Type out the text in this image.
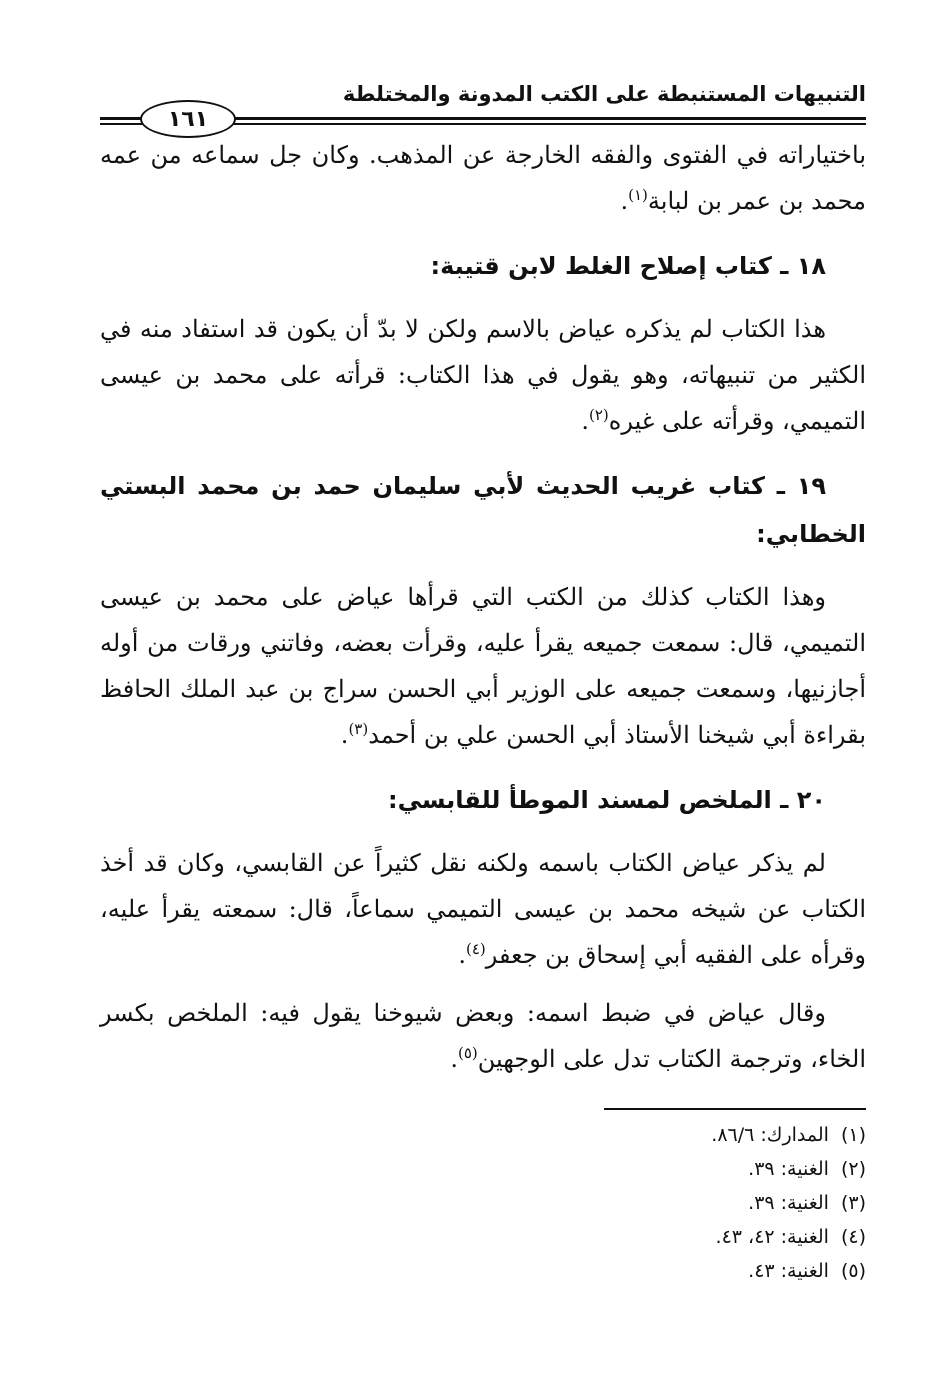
التنبيهات المستنبطة على الكتب المدونة والمختلطة
١٦١

باختياراته في الفتوى والفقه الخارجة عن المذهب. وكان جل سماعه من عمه محمد بن عمر بن لبابة$^{(١)}$.

١٨ ـ كتاب إصلاح الغلط لابن قتيبة:

هذا الكتاب لم يذكره عياض بالاسم ولكن لا بدّ أن يكون قد استفاد منه في الكثير من تنبيهاته، وهو يقول في هذا الكتاب: قرأته على محمد بن عيسى التميمي، وقرأته على غيره$^{(٢)}$.

١٩ ـ كتاب غريب الحديث لأبي سليمان حمد بن محمد البستي الخطابي:

وهذا الكتاب كذلك من الكتب التي قرأها عياض على محمد بن عيسى التميمي، قال: سمعت جميعه يقرأ عليه، وقرأت بعضه، وفاتني ورقات من أوله أجازنيها، وسمعت جميعه على الوزير أبي الحسن سراج بن عبد الملك الحافظ بقراءة أبي شيخنا الأستاذ أبي الحسن علي بن أحمد$^{(٣)}$.

٢٠ ـ الملخص لمسند الموطأ للقابسي:

لم يذكر عياض الكتاب باسمه ولكنه نقل كثيراً عن القابسي، وكان قد أخذ الكتاب عن شيخه محمد بن عيسى التميمي سماعاً، قال: سمعته يقرأ عليه، وقرأه على الفقيه أبي إسحاق بن جعفر$^{(٤)}$.

وقال عياض في ضبط اسمه: وبعض شيوخنا يقول فيه: الملخص بكسر الخاء، وترجمة الكتاب تدل على الوجهين$^{(٥)}$.

(١)المدارك: ٨٦/٦.
(٢)الغنية: ٣٩.
(٣)الغنية: ٣٩.
(٤)الغنية: ٤٢، ٤٣.
(٥)الغنية: ٤٣.
